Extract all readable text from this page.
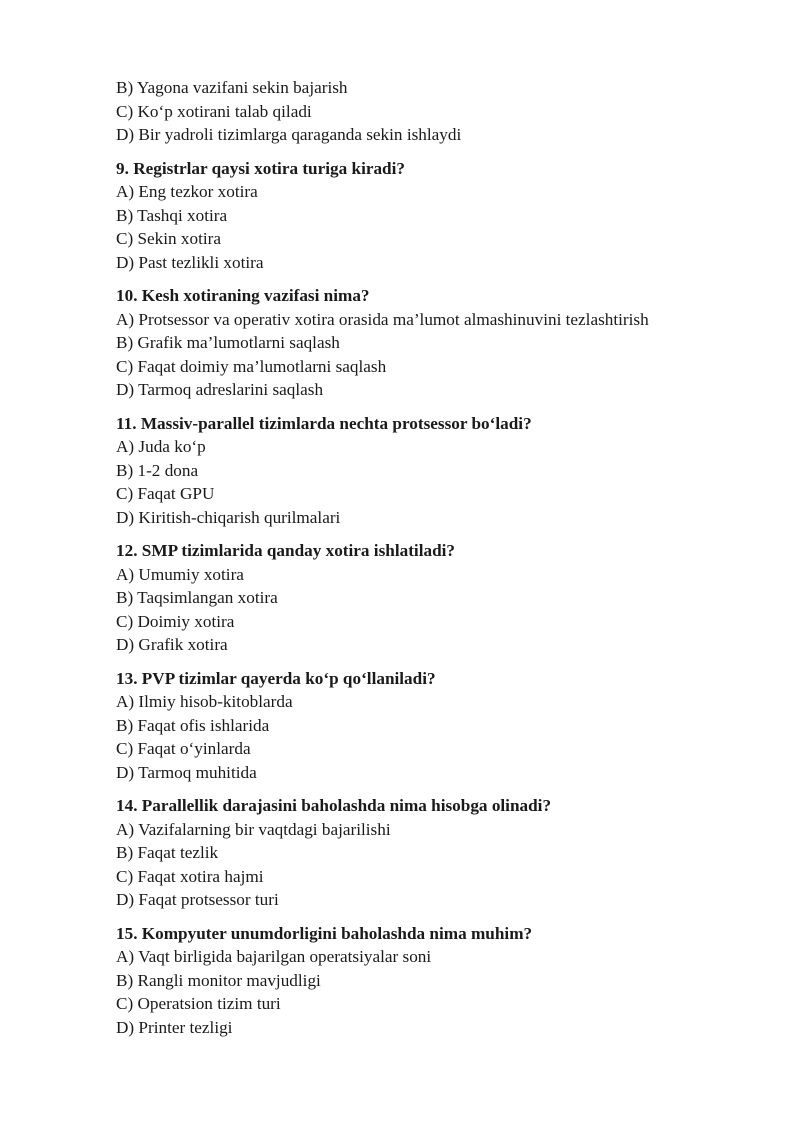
B) Yagona vazifani sekin bajarish
C) Ko‘p xotirani talab qiladi
D) Bir yadroli tizimlarga qaraganda sekin ishlaydi
9. Registrlar qaysi xotira turiga kiradi?
A) Eng tezkor xotira
B) Tashqi xotira
C) Sekin xotira
D) Past tezlikli xotira
10. Kesh xotiraning vazifasi nima?
A) Protsessor va operativ xotira orasida ma’lumot almashinuvini tezlashtirish
B) Grafik ma’lumotlarni saqlash
C) Faqat doimiy ma’lumotlarni saqlash
D) Tarmoq adreslarini saqlash
11. Massiv-parallel tizimlarda nechta protsessor bo‘ladi?
A) Juda ko‘p
B) 1-2 dona
C) Faqat GPU
D) Kiritish-chiqarish qurilmalari
12. SMP tizimlarida qanday xotira ishlatiladi?
A) Umumiy xotira
B) Taqsimlangan xotira
C) Doimiy xotira
D) Grafik xotira
13. PVP tizimlar qayerda ko‘p qo‘llaniladi?
A) Ilmiy hisob-kitoblarda
B) Faqat ofis ishlarida
C) Faqat o‘yinlarda
D) Tarmoq muhitida
14. Parallellik darajasini baholashda nima hisobga olinadi?
A) Vazifalarning bir vaqtdagi bajarilishi
B) Faqat tezlik
C) Faqat xotira hajmi
D) Faqat protsessor turi
15. Kompyuter unumdorligini baholashda nima muhim?
A) Vaqt birligida bajarilgan operatsiyalar soni
B) Rangli monitor mavjudligi
C) Operatsion tizim turi
D) Printer tezligi
